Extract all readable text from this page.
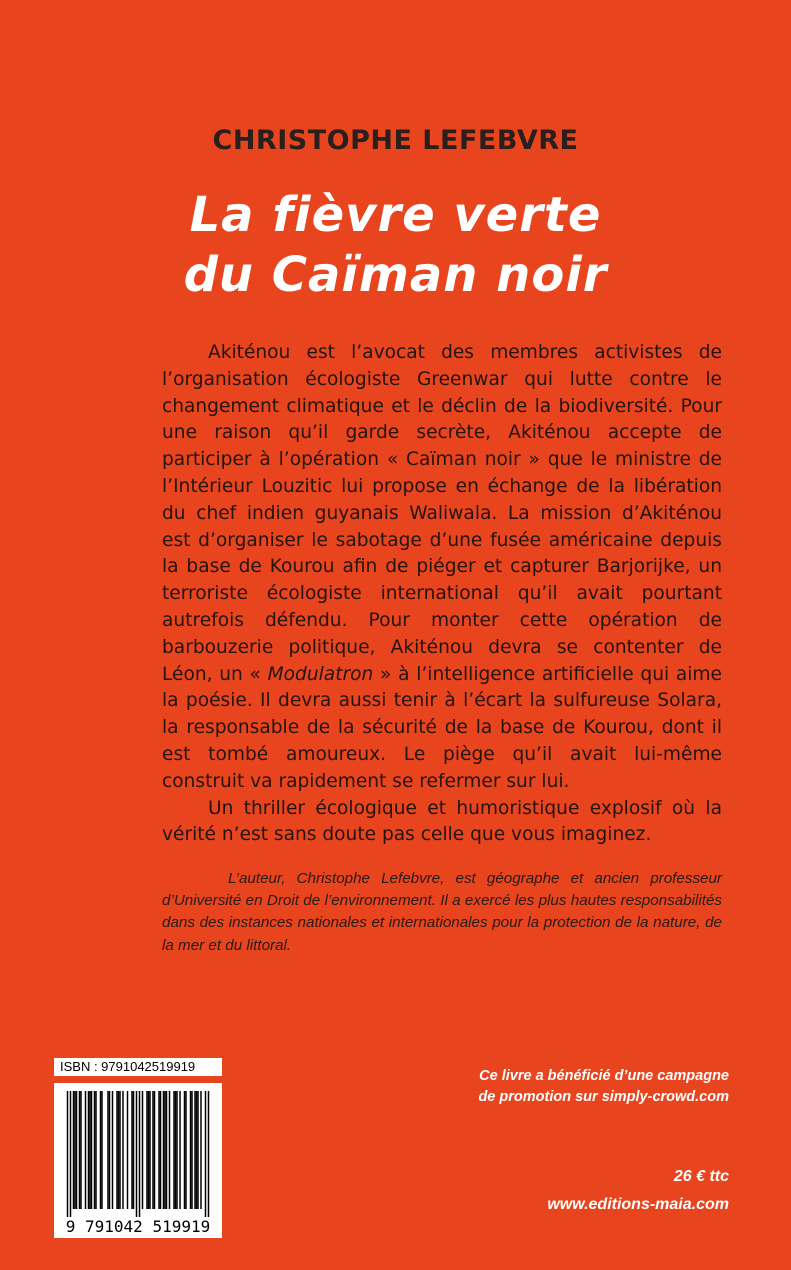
CHRISTOPHE LEFEBVRE
La fièvre verte
du Caïman noir

Akiténou est l’avocat des membres activistes de l’organisation écologiste Greenwar qui lutte contre le changement climatique et le déclin de la biodiversité. Pour une raison qu’il garde secrète, Akiténou accepte de participer à l’opération « Caïman noir » que le ministre de l’Intérieur Louzitic lui propose en échange de la libération du chef indien guyanais Waliwala. La mission d’Akiténou est d’organiser le sabotage d’une fusée américaine depuis la base de Kourou afin de piéger et capturer Barjorijke, un terroriste écologiste international qu’il avait pourtant autrefois défendu. Pour monter cette opération de barbouzerie politique, Akiténou devra se contenter de Léon, un « Modulatron » à l’intelligence artificielle qui aime la poésie. Il devra aussi tenir à l’écart la sulfureuse Solara, la responsable de la sécurité de la base de Kourou, dont il est tombé amoureux. Le piège qu’il avait lui-même construit va rapidement se refermer sur lui.

Un thriller écologique et humoristique explosif où la vérité n’est sans doute pas celle que vous imaginez.

L’auteur, Christophe Lefebvre, est géographe et ancien professeur d’Université en Droit de l’environnement. Il a exercé les plus hautes responsabilités dans des instances nationales et internationales pour la protection de la nature, de la mer et du littoral.

ISBN : 9791042519919
9 791042 519919
Ce livre a bénéficié d’une campagne
de promotion sur simply-crowd.com
26 € ttc
www.editions-maia.com
